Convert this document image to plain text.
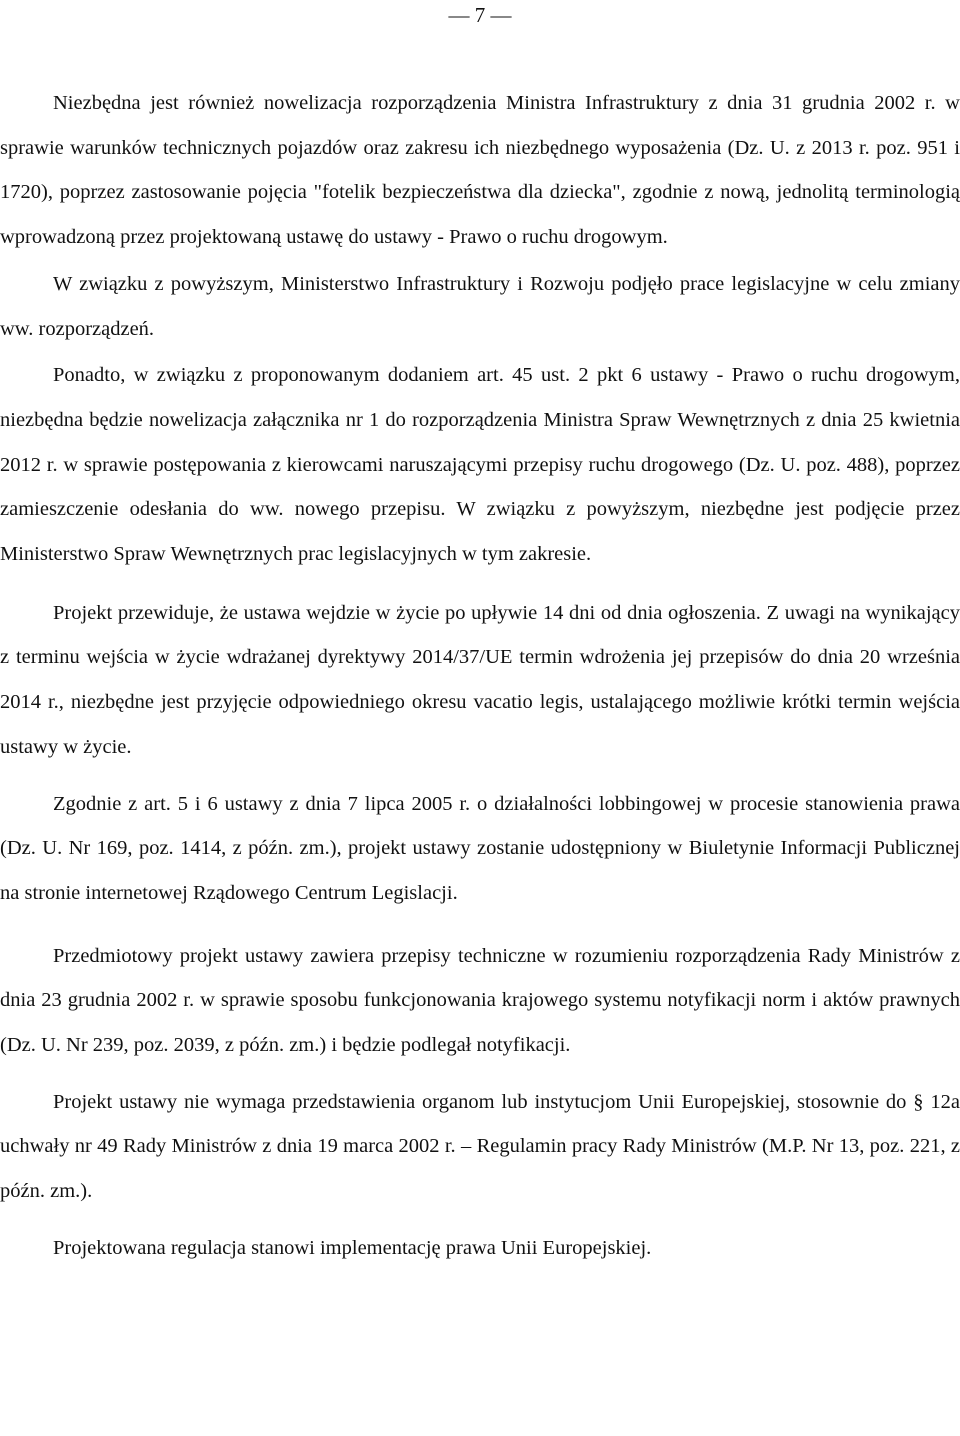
— 7 —

Niezbędna jest również nowelizacja rozporządzenia Ministra Infrastruktury z dnia 31 grudnia 2002 r. w sprawie warunków technicznych pojazdów oraz zakresu ich niezbędnego wyposażenia (Dz. U. z 2013 r. poz. 951 i 1720), poprzez zastosowanie pojęcia "fotelik bezpieczeństwa dla dziecka", zgodnie z nową, jednolitą terminologią wprowadzoną przez projektowaną ustawę do ustawy - Prawo o ruchu drogowym.

W związku z powyższym, Ministerstwo Infrastruktury i Rozwoju podjęło prace legislacyjne w celu zmiany ww. rozporządzeń.

Ponadto, w związku z proponowanym dodaniem art. 45 ust. 2 pkt 6 ustawy - Prawo o ruchu drogowym, niezbędna będzie nowelizacja załącznika nr 1 do rozporządzenia Ministra Spraw Wewnętrznych z dnia 25 kwietnia 2012 r. w sprawie postępowania z kierowcami naruszającymi przepisy ruchu drogowego (Dz. U. poz. 488), poprzez zamieszczenie odesłania do ww. nowego przepisu. W związku z powyższym, niezbędne jest podjęcie przez Ministerstwo Spraw Wewnętrznych prac legislacyjnych w tym zakresie.

Projekt przewiduje, że ustawa wejdzie w życie po upływie 14 dni od dnia ogłoszenia. Z uwagi na wynikający z terminu wejścia w życie wdrażanej dyrektywy 2014/37/UE termin wdrożenia jej przepisów do dnia 20 września 2014 r., niezbędne jest przyjęcie odpowiedniego okresu vacatio legis, ustalającego możliwie krótki termin wejścia ustawy w życie.

Zgodnie z art. 5 i 6 ustawy z dnia 7 lipca 2005 r. o działalności lobbingowej w procesie stanowienia prawa (Dz. U. Nr 169, poz. 1414, z późn. zm.), projekt ustawy zostanie udostępniony w Biuletynie Informacji Publicznej na stronie internetowej Rządowego Centrum Legislacji.

Przedmiotowy projekt ustawy zawiera przepisy techniczne w rozumieniu rozporządzenia Rady Ministrów z dnia 23 grudnia 2002 r. w sprawie sposobu funkcjonowania krajowego systemu notyfikacji norm i aktów prawnych (Dz. U. Nr 239, poz. 2039, z późn. zm.) i będzie podlegał notyfikacji.

Projekt ustawy nie wymaga przedstawienia organom lub instytucjom Unii Europejskiej, stosownie do § 12a uchwały nr 49 Rady Ministrów z dnia 19 marca 2002 r. – Regulamin pracy Rady Ministrów (M.P. Nr 13, poz. 221, z późn. zm.).

Projektowana regulacja stanowi implementację prawa Unii Europejskiej.
